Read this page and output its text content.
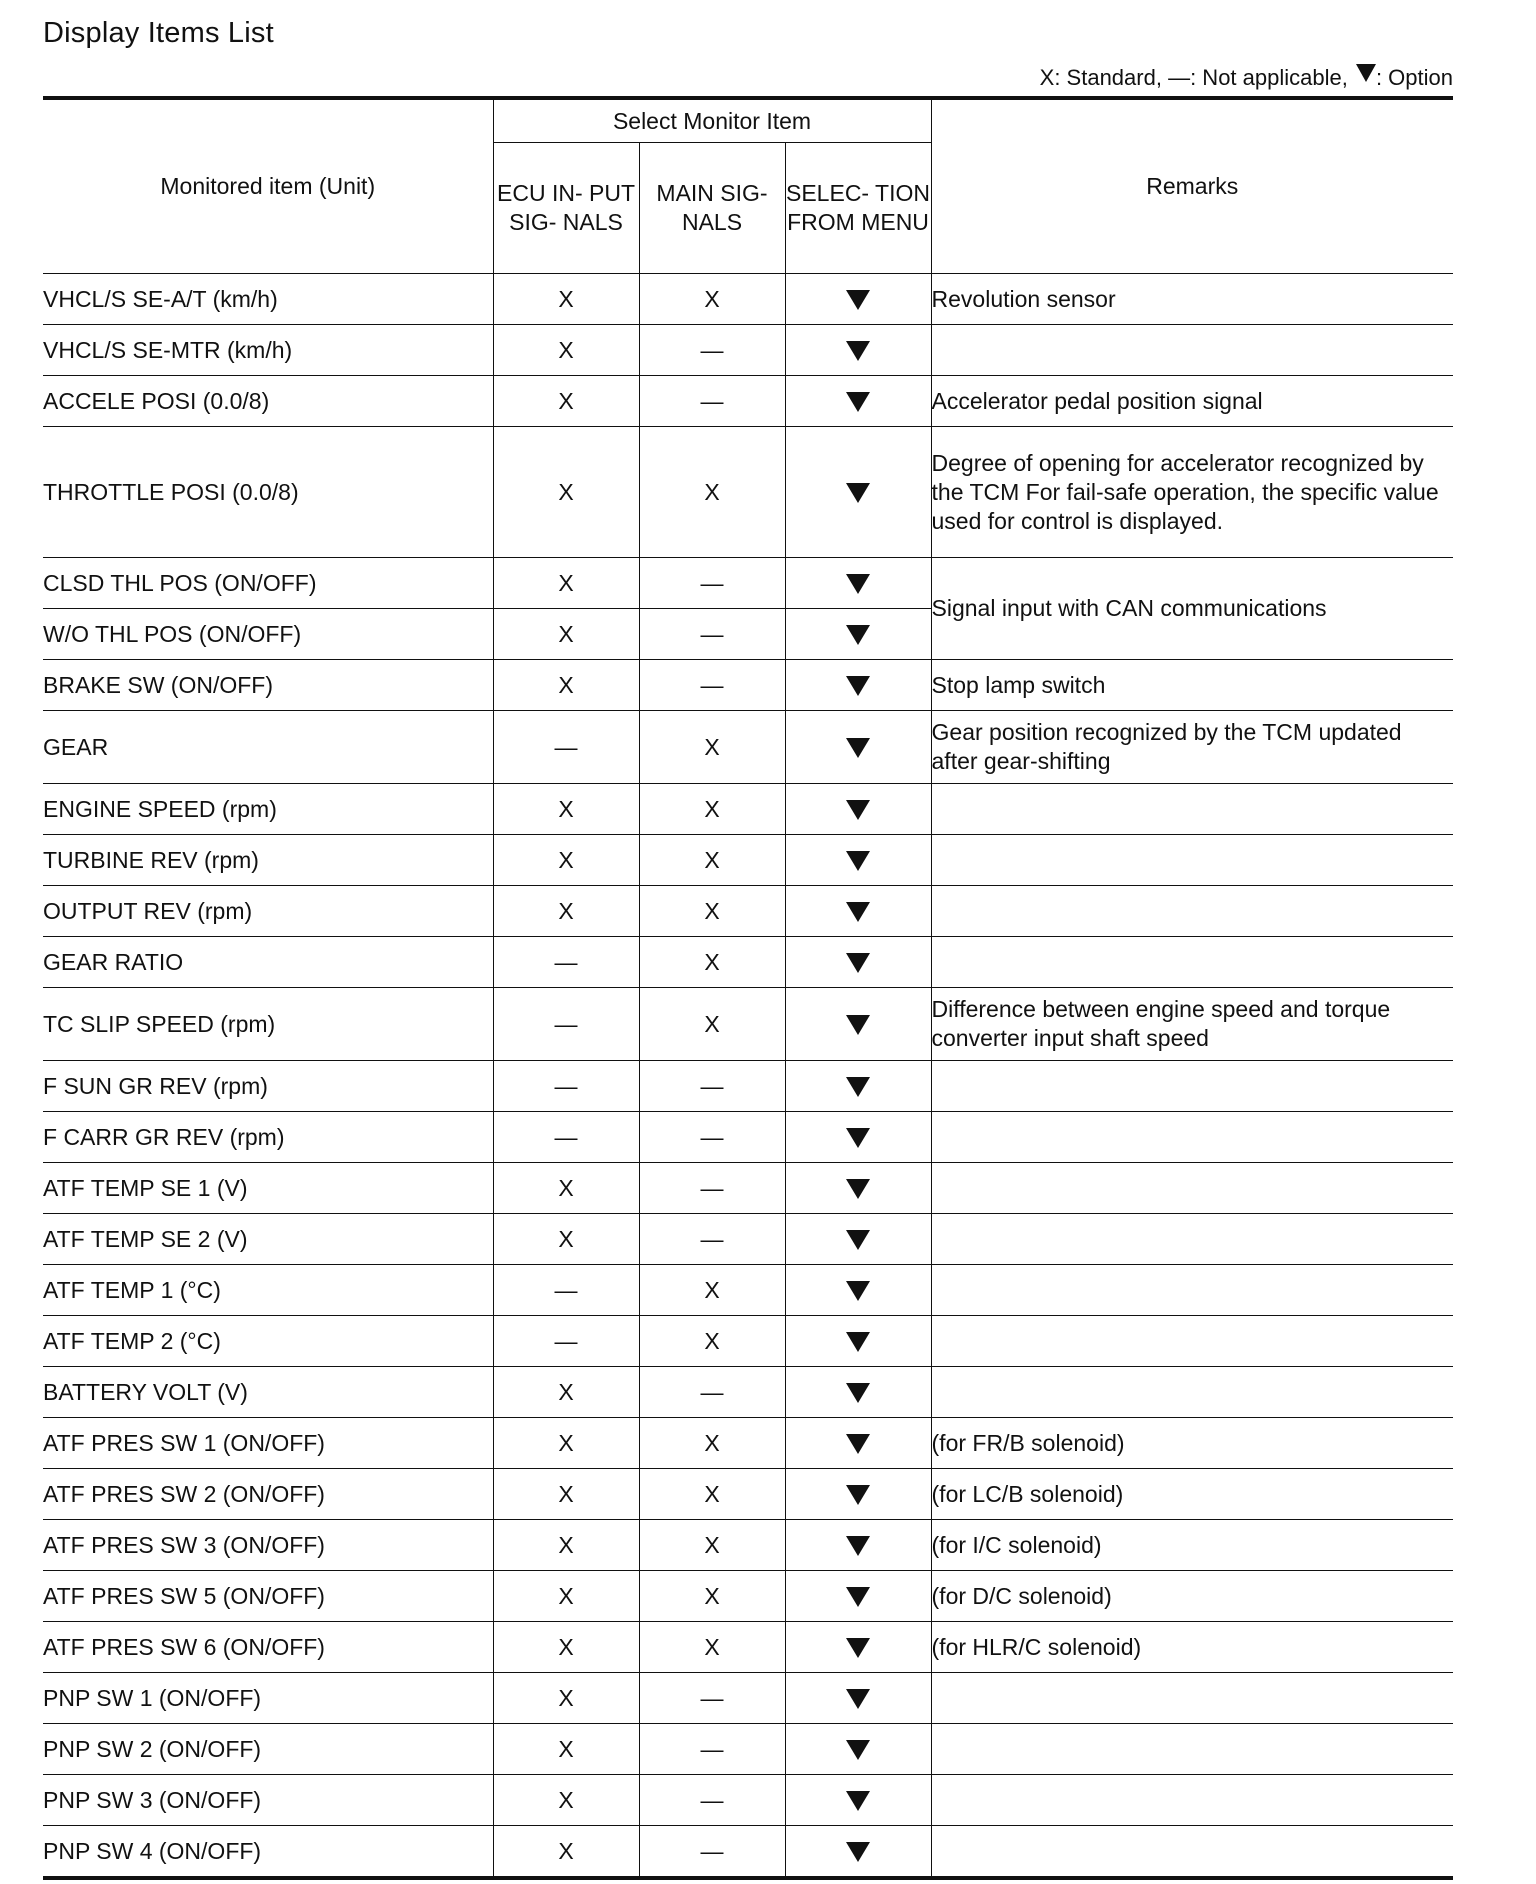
Display Items List
X: Standard, —: Not applicable, : Option
Monitored item (Unit)	Select Monitor Item			Remarks
	ECU IN- PUT SIG- NALS	MAIN SIG- NALS	SELEC- TION FROM MENU	
VHCL/S SE-A/T (km/h)	X	X		Revolution sensor
VHCL/S SE-MTR (km/h)	X	—		
ACCELE POSI (0.0/8)	X	—		Accelerator pedal position signal
THROTTLE POSI (0.0/8)	X	X		Degree of opening for accelerator recognized by the TCM For fail-safe operation, the specific value used for control is displayed.
CLSD THL POS (ON/OFF)	X	—		Signal input with CAN communications
W/O THL POS (ON/OFF)	X	—		
BRAKE SW (ON/OFF)	X	—		Stop lamp switch
GEAR	—	X		Gear position recognized by the TCM updated after gear-shifting
ENGINE SPEED (rpm)	X	X		
TURBINE REV (rpm)	X	X		
OUTPUT REV (rpm)	X	X		
GEAR RATIO	—	X		
TC SLIP SPEED (rpm)	—	X		Difference between engine speed and torque converter input shaft speed
F SUN GR REV (rpm)	—	—		
F CARR GR REV (rpm)	—	—		
ATF TEMP SE 1 (V)	X	—		
ATF TEMP SE 2 (V)	X	—		
ATF TEMP 1 (°C)	—	X		
ATF TEMP 2 (°C)	—	X		
BATTERY VOLT (V)	X	—		
ATF PRES SW 1 (ON/OFF)	X	X		(for FR/B solenoid)
ATF PRES SW 2 (ON/OFF)	X	X		(for LC/B solenoid)
ATF PRES SW 3 (ON/OFF)	X	X		(for I/C solenoid)
ATF PRES SW 5 (ON/OFF)	X	X		(for D/C solenoid)
ATF PRES SW 6 (ON/OFF)	X	X		(for HLR/C solenoid)
PNP SW 1 (ON/OFF)	X	—		
PNP SW 2 (ON/OFF)	X	—		
PNP SW 3 (ON/OFF)	X	—		
PNP SW 4 (ON/OFF)	X	—		
